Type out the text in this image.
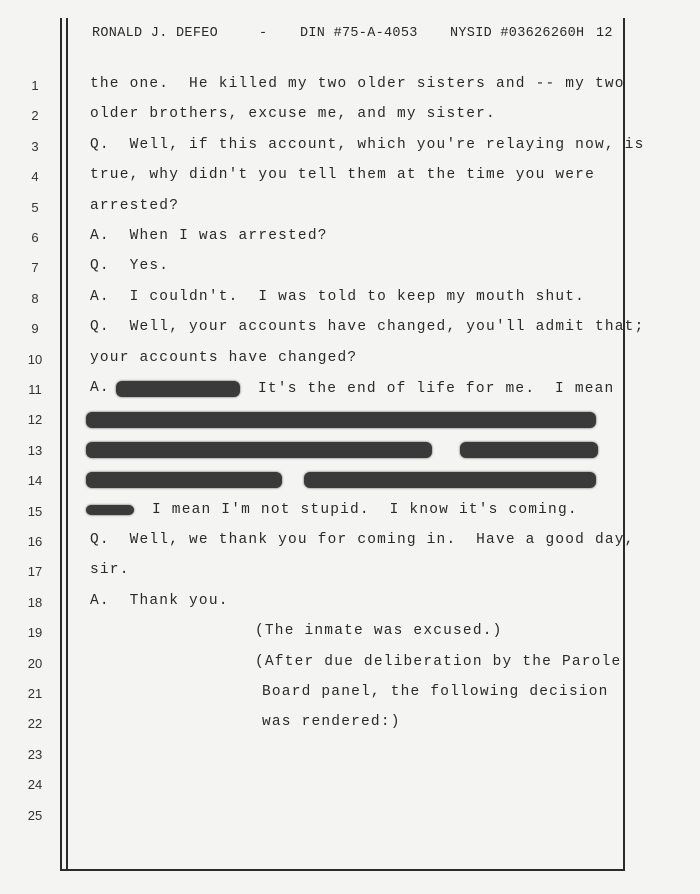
RONALD J. DEFEO

	-

DIN #75-A-4053

NYSID #03626260H

12

1	the one.  He killed my two older sisters and -- my two
2	older brothers, excuse me, and my sister.
3	Q.  Well, if this account, which you're relaying now, is
4	true, why didn't you tell them at the time you were
5	arrested?
6	A.  When I was arrested?
7	Q.  Yes.
8	A.  I couldn't.  I was told to keep my mouth shut.
9	Q.  Well, your accounts have changed, you'll admit that;
10	your accounts have changed?
11	A.
12
13
14
15	I mean I'm not stupid.  I know it's coming.
16	Q.  Well, we thank you for coming in.  Have a good day,
17	sir.
18	A.  Thank you.
19	(The inmate was excused.)
20	(After due deliberation by the Parole
21	Board panel, the following decision
22	was rendered:)
23
24
25
It's the end of life for me.  I mean
